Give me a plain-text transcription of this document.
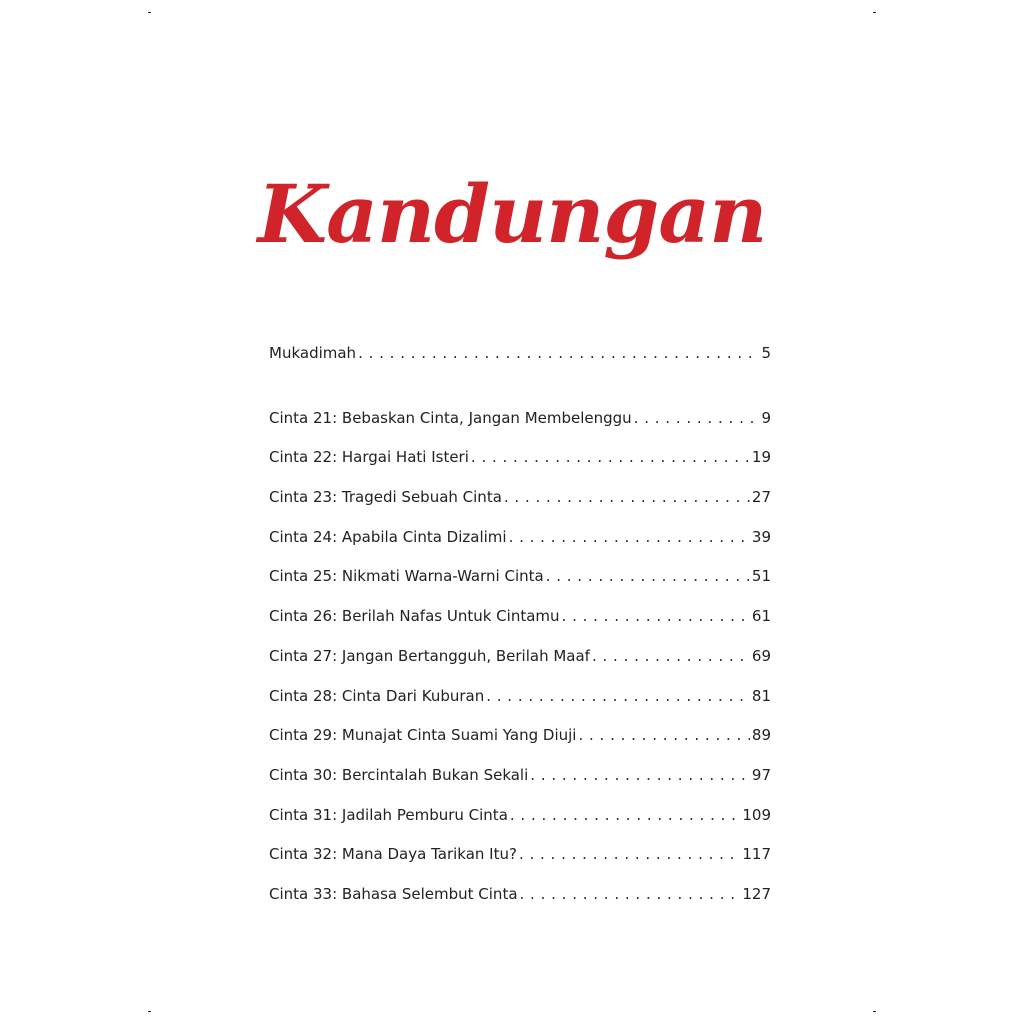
Kandungan
Mukadimah . . .	5
Cinta 21: Bebaskan Cinta, Jangan Membelenggu . . .	9
Cinta 22: Hargai Hati Isteri . . .	19
Cinta 23: Tragedi Sebuah Cinta . . .	27
Cinta 24: Apabila Cinta Dizalimi . . .	39
Cinta 25: Nikmati Warna-Warni Cinta . . .	51
Cinta 26: Berilah Nafas Untuk Cintamu . . .	61
Cinta 27: Jangan Bertangguh, Berilah Maaf . . .	69
Cinta 28: Cinta Dari Kuburan . . .	81
Cinta 29: Munajat Cinta Suami Yang Diuji . . .	89
Cinta 30: Bercintalah Bukan Sekali . . .	97
Cinta 31: Jadilah Pemburu Cinta . . .	109
Cinta 32: Mana Daya Tarikan Itu? . . .	117
Cinta 33: Bahasa Selembut Cinta . . .	127
